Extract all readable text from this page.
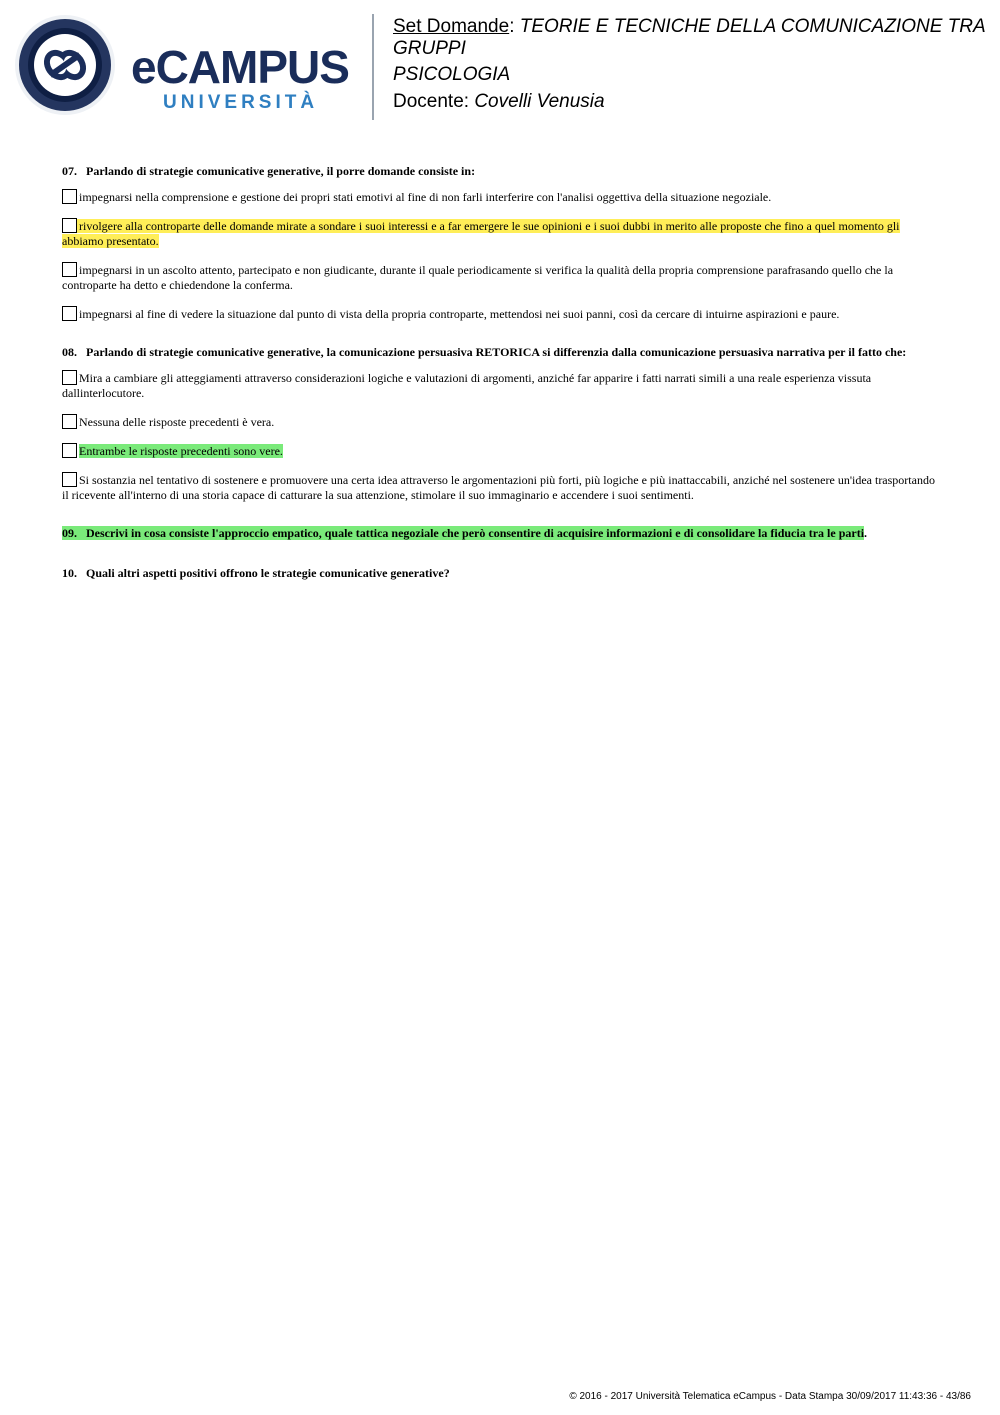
eCAMPUS
UNIVERSITÀ
Set Domande: TEORIE E TECNICHE DELLA COMUNICAZIONE TRA GRUPPI
PSICOLOGIA
Docente: Covelli Venusia
07. Parlando di strategie comunicative generative, il porre domande consiste in:
impegnarsi nella comprensione e gestione dei propri stati emotivi al fine di non farli interferire con l'analisi oggettiva della situazione negoziale.
rivolgere alla controparte delle domande mirate a sondare i suoi interessi e a far emergere le sue opinioni e i suoi dubbi in merito alle proposte che fino a quel momento gli abbiamo presentato.
impegnarsi in un ascolto attento, partecipato e non giudicante, durante il quale periodicamente si verifica la qualità della propria comprensione parafrasando quello che la controparte ha detto e chiedendone la conferma.
impegnarsi al fine di vedere la situazione dal punto di vista della propria controparte, mettendosi nei suoi panni, così da cercare di intuirne aspirazioni e paure.
08. Parlando di strategie comunicative generative, la comunicazione persuasiva RETORICA si differenzia dalla comunicazione persuasiva narrativa per il fatto che:
Mira a cambiare gli atteggiamenti attraverso considerazioni logiche e valutazioni di argomenti, anziché far apparire i fatti narrati simili a una reale esperienza vissuta dallinterlocutore.
Nessuna delle risposte precedenti è vera.
Entrambe le risposte precedenti sono vere.
Si sostanzia nel tentativo di sostenere e promuovere una certa idea attraverso le argomentazioni più forti, più logiche e più inattaccabili, anziché nel sostenere un'idea trasportando il ricevente all'interno di una storia capace di catturare la sua attenzione, stimolare il suo immaginario e accendere i suoi sentimenti.
09. Descrivi in cosa consiste l'approccio empatico, quale tattica negoziale che però consentire di acquisire informazioni e di consolidare la fiducia tra le parti.
10. Quali altri aspetti positivi offrono le strategie comunicative generative?
© 2016 - 2017 Università Telematica eCampus - Data Stampa 30/09/2017 11:43:36 - 43/86
